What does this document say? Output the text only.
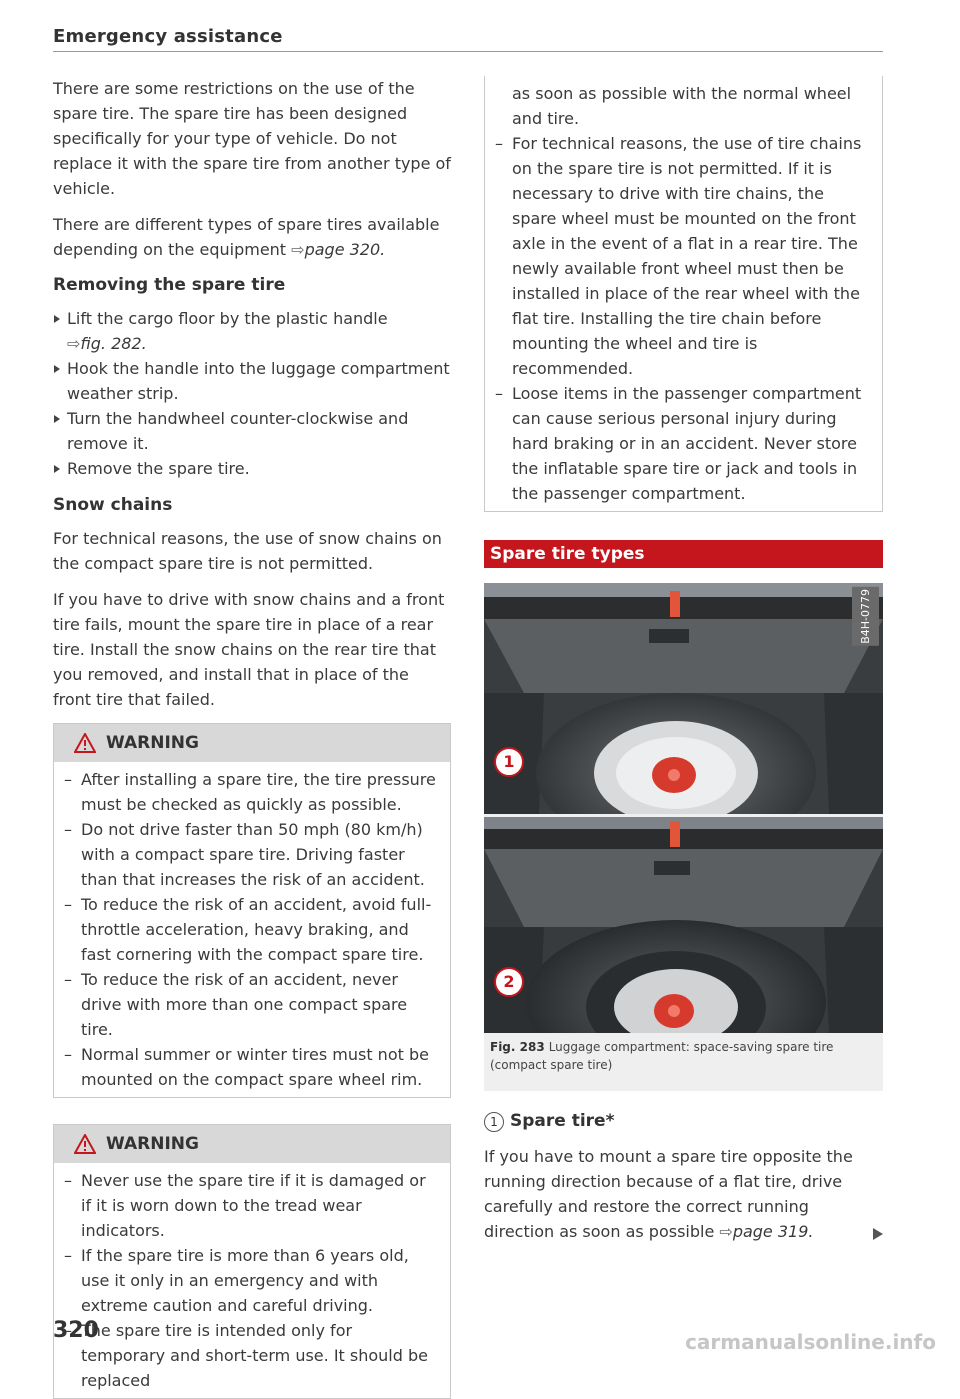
Emergency assistance

There are some restrictions on the use of the spare tire. The spare tire has been designed specifically for your type of vehicle. Do not replace it with the spare tire from another type of vehicle.

There are different types of spare tires available depending on the equipment ⇨page 320.

Removing the spare tire
Lift the cargo floor by the plastic handle
⇨fig. 282.
Hook the handle into the luggage compartment weather strip.
Turn the handwheel counter-clockwise and remove it.
Remove the spare tire.
Snow chains

For technical reasons, the use of snow chains on the compact spare tire is not permitted.

If you have to drive with snow chains and a front tire fails, mount the spare tire in place of a rear tire. Install the snow chains on the rear tire that you removed, and install that in place of the front tire that failed.

WARNING
– After installing a spare tire, the tire pressure must be checked as quickly as possible.
– Do not drive faster than 50 mph (80 km/h) with a compact spare tire. Driving faster than that increases the risk of an accident.
– To reduce the risk of an accident, avoid full-throttle acceleration, heavy braking, and fast cornering with the compact spare tire.
– To reduce the risk of an accident, never drive with more than one compact spare tire.
– Normal summer or winter tires must not be mounted on the compact spare wheel rim.
WARNING
– Never use the spare tire if it is damaged or if it is worn down to the tread wear indicators.
– If the spare tire is more than 6 years old, use it only in an emergency and with extreme caution and careful driving.
– The spare tire is intended only for temporary and short-term use. It should be replaced
as soon as possible with the normal wheel and tire.
– For technical reasons, the use of tire chains on the spare tire is not permitted. If it is necessary to drive with tire chains, the spare wheel must be mounted on the front axle in the event of a flat in a rear tire. The newly available front wheel must then be installed in place of the rear wheel with the flat tire. Installing the tire chain before mounting the wheel and tire is recommended.
– Loose items in the passenger compartment can cause serious personal injury during hard braking or in an accident. Never store the inflatable spare tire or jack and tools in the passenger compartment.
Spare tire types
1
B4H-0779
2
Fig. 283 Luggage compartment: space-saving spare tire (compact spare tire)
1 Spare tire*

If you have to mount a spare tire opposite the running direction because of a flat tire, drive carefully and restore the correct running direction as soon as possible ⇨page 319.

320	carmanualsonline.info
